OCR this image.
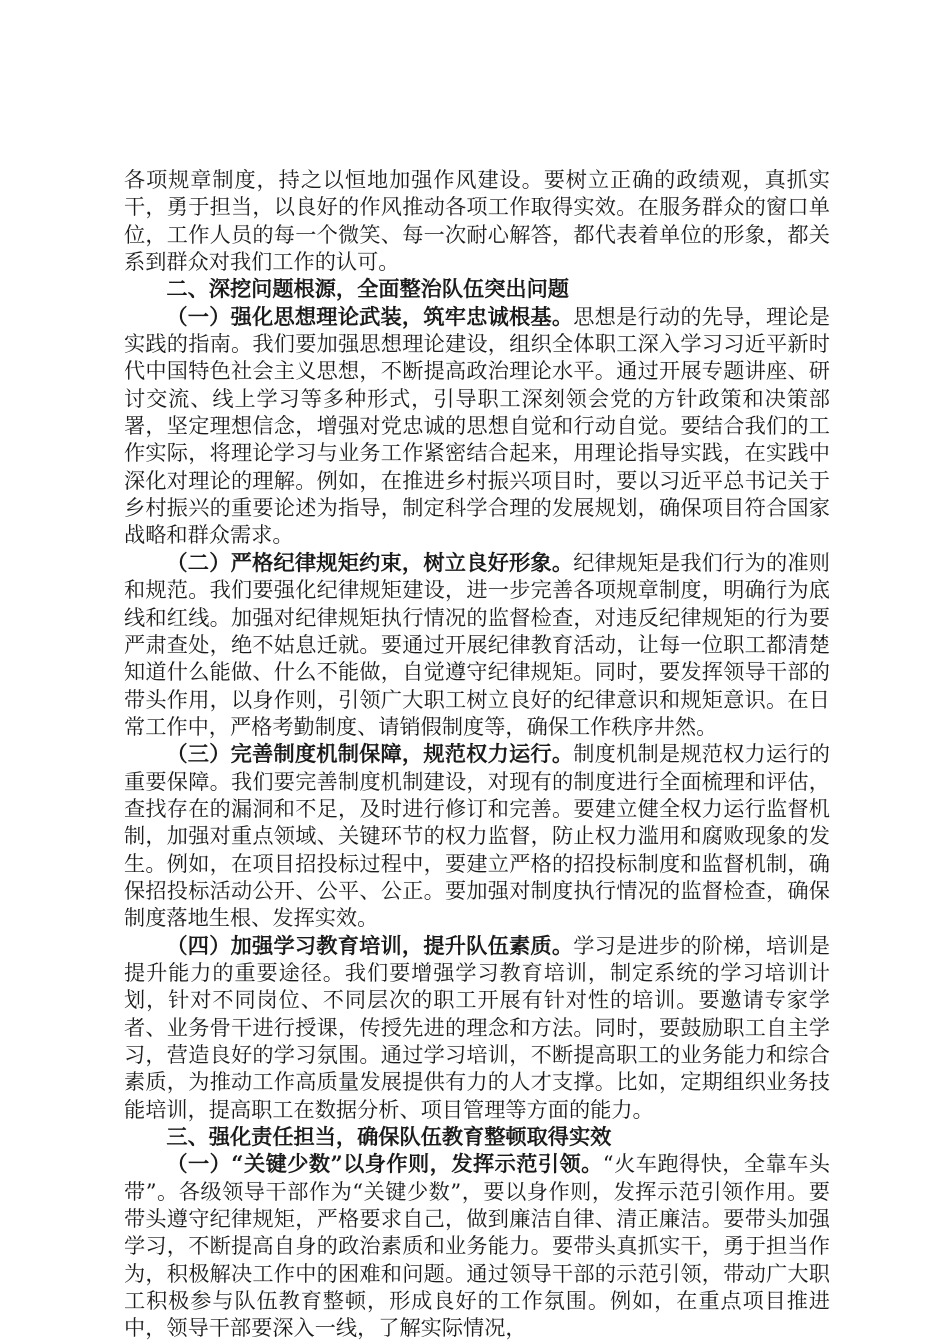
各项规章制度，持之以恒地加强作风建设。要树立正确的政绩观，真抓实干，勇于担当，以良好的作风推动各项工作取得实效。在服务群众的窗口单位，工作人员的每一个微笑、每一次耐心解答，都代表着单位的形象，都关系到群众对我们工作的认可。

二、深挖问题根源，全面整治队伍突出问题

（一）强化思想理论武装，筑牢忠诚根基。思想是行动的先导，理论是实践的指南。我们要加强思想理论建设，组织全体职工深入学习习近平新时代中国特色社会主义思想，不断提高政治理论水平。通过开展专题讲座、研讨交流、线上学习等多种形式，引导职工深刻领会党的方针政策和决策部署，坚定理想信念，增强对党忠诚的思想自觉和行动自觉。要结合我们的工作实际，将理论学习与业务工作紧密结合起来，用理论指导实践，在实践中深化对理论的理解。例如，在推进乡村振兴项目时，要以习近平总书记关于乡村振兴的重要论述为指导，制定科学合理的发展规划，确保项目符合国家战略和群众需求。

（二）严格纪律规矩约束，树立良好形象。纪律规矩是我们行为的准则和规范。我们要强化纪律规矩建设，进一步完善各项规章制度，明确行为底线和红线。加强对纪律规矩执行情况的监督检查，对违反纪律规矩的行为要严肃查处，绝不姑息迁就。要通过开展纪律教育活动，让每一位职工都清楚知道什么能做、什么不能做，自觉遵守纪律规矩。同时，要发挥领导干部的带头作用，以身作则，引领广大职工树立良好的纪律意识和规矩意识。在日常工作中，严格考勤制度、请销假制度等，确保工作秩序井然。

（三）完善制度机制保障，规范权力运行。制度机制是规范权力运行的重要保障。我们要完善制度机制建设，对现有的制度进行全面梳理和评估，查找存在的漏洞和不足，及时进行修订和完善。要建立健全权力运行监督机制，加强对重点领域、关键环节的权力监督，防止权力滥用和腐败现象的发生。例如，在项目招投标过程中，要建立严格的招投标制度和监督机制，确保招投标活动公开、公平、公正。要加强对制度执行情况的监督检查，确保制度落地生根、发挥实效。

（四）加强学习教育培训，提升队伍素质。学习是进步的阶梯，培训是提升能力的重要途径。我们要增强学习教育培训，制定系统的学习培训计划，针对不同岗位、不同层次的职工开展有针对性的培训。要邀请专家学者、业务骨干进行授课，传授先进的理念和方法。同时，要鼓励职工自主学习，营造良好的学习氛围。通过学习培训，不断提高职工的业务能力和综合素质，为推动工作高质量发展提供有力的人才支撑。比如，定期组织业务技能培训，提高职工在数据分析、项目管理等方面的能力。

三、强化责任担当，确保队伍教育整顿取得实效

（一）“关键少数”以身作则，发挥示范引领。“火车跑得快，全靠车头带”。各级领导干部作为“关键少数”，要以身作则，发挥示范引领作用。要带头遵守纪律规矩，严格要求自己，做到廉洁自律、清正廉洁。要带头加强学习，不断提高自身的政治素质和业务能力。要带头真抓实干，勇于担当作为，积极解决工作中的困难和问题。通过领导干部的示范引领，带动广大职工积极参与队伍教育整顿，形成良好的工作氛围。例如，在重点项目推进中，领导干部要深入一线，了解实际情况，
